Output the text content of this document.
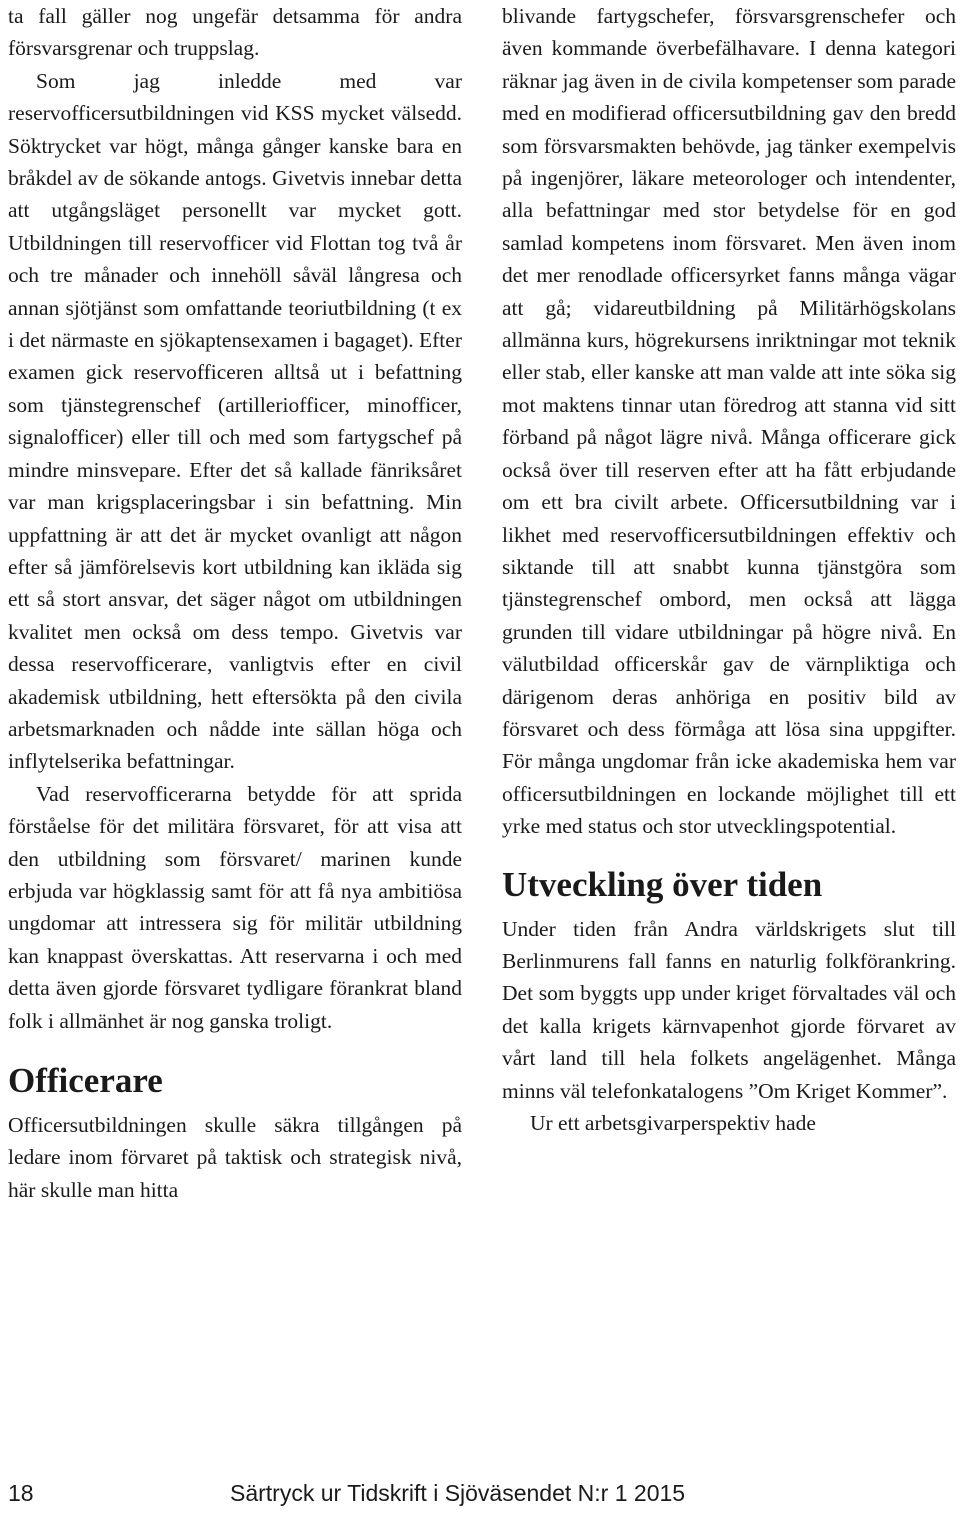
ta fall gäller nog ungefär detsamma för andra försvarsgrenar och truppslag.

Som jag inledde med var reservofficersutbildningen vid KSS mycket välsedd. Söktrycket var högt, många gånger kanske bara en bråkdel av de sökande antogs. Givetvis innebar detta att utgångsläget personellt var mycket gott. Utbildningen till reservofficer vid Flottan tog två år och tre månader och innehöll såväl långresa och annan sjötjänst som omfattande teoriutbildning (t ex i det närmaste en sjökaptensexamen i bagaget). Efter examen gick reservofficeren alltså ut i befattning som tjänstegrenschef (artilleriofficer, minofficer, signalofficer) eller till och med som fartygschef på mindre minsvepare. Efter det så kallade fänriksåret var man krigsplaceringsbar i sin befattning. Min uppfattning är att det är mycket ovanligt att någon efter så jämförelsevis kort utbildning kan ikläda sig ett så stort ansvar, det säger något om utbildningen kvalitet men också om dess tempo. Givetvis var dessa reservofficerare, vanligtvis efter en civil akademisk utbildning, hett eftersökta på den civila arbetsmarknaden och nådde inte sällan höga och inflytelserika befattningar.

Vad reservofficerarna betydde för att sprida förståelse för det militära försvaret, för att visa att den utbildning som försvaret/ marinen kunde erbjuda var högklassig samt för att få nya ambitiösa ungdomar att intressera sig för militär utbildning kan knappast överskattas. Att reservarna i och med detta även gjorde försvaret tydligare förankrat bland folk i allmänhet är nog ganska troligt.

Officerare

Officersutbildningen skulle säkra tillgången på ledare inom förvaret på taktisk och strategisk nivå, här skulle man hitta

blivande fartygschefer, försvarsgrenschefer och även kommande överbefälhavare. I denna kategori räknar jag även in de civila kompetenser som parade med en modifierad officersutbildning gav den bredd som försvarsmakten behövde, jag tänker exempelvis på ingenjörer, läkare meteorologer och intendenter, alla befattningar med stor betydelse för en god samlad kompetens inom försvaret. Men även inom det mer renodlade officersyrket fanns många vägar att gå; vidareutbildning på Militärhögskolans allmänna kurs, högrekursens inriktningar mot teknik eller stab, eller kanske att man valde att inte söka sig mot maktens tinnar utan föredrog att stanna vid sitt förband på något lägre nivå. Många officerare gick också över till reserven efter att ha fått erbjudande om ett bra civilt arbete. Officersutbildning var i likhet med reservofficersutbildningen effektiv och siktande till att snabbt kunna tjänstgöra som tjänstegrenschef ombord, men också att lägga grunden till vidare utbildningar på högre nivå. En välutbildad officerskår gav de värnpliktiga och därigenom deras anhöriga en positiv bild av försvaret och dess förmåga att lösa sina uppgifter. För många ungdomar från icke akademiska hem var officersutbildningen en lockande möjlighet till ett yrke med status och stor utvecklingspotential.

Utveckling över tiden

Under tiden från Andra världskrigets slut till Berlinmurens fall fanns en naturlig folkförankring. Det som byggts upp under kriget förvaltades väl och det kalla krigets kärnvapenhot gjorde förvaret av vårt land till hela folkets angelägenhet. Många minns väl telefonkatalogens ”Om Kriget Kommer”.

Ur ett arbetsgivarperspektiv hade

18	Särtryck ur Tidskrift i Sjöväsendet N:r 1 2015
